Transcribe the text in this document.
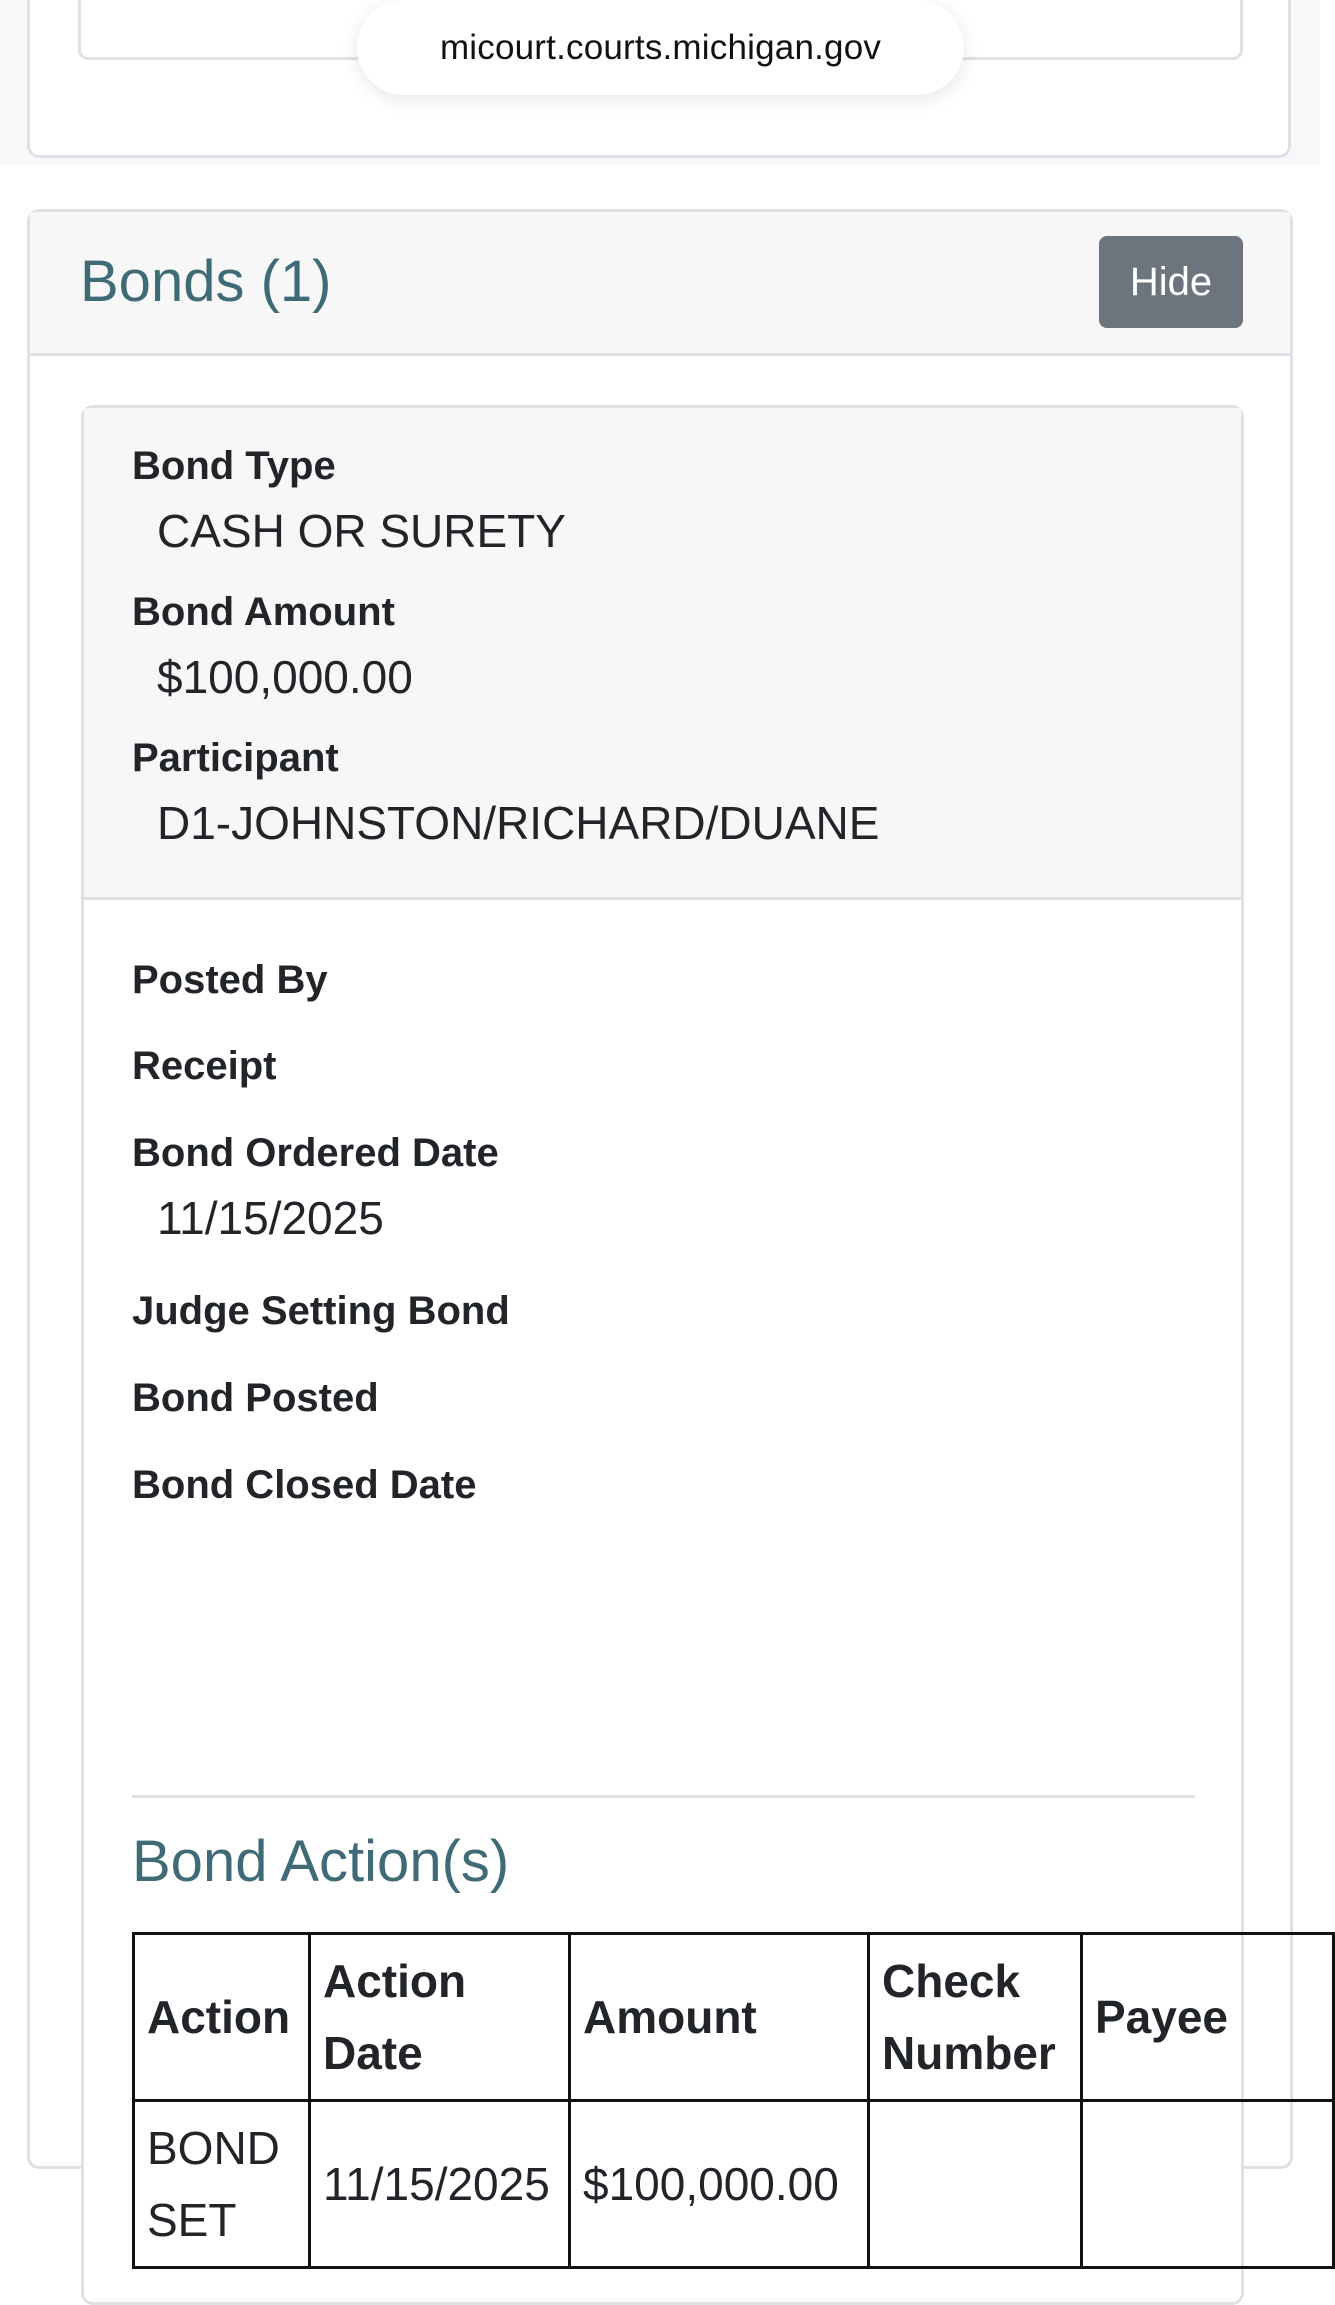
micourt.courts.michigan.gov
Bonds (1)	Hide
Bond Type
CASH OR SURETY
Bond Amount
$100,000.00
Participant
D1-JOHNSTON/RICHARD/DUANE
Posted By
Receipt
Bond Ordered Date
11/15/2025
Judge Setting Bond
Bond Posted
Bond Closed Date
Bond Action(s)
Action	Action Date	Amount	Check Number	Payee
BOND SET	11/15/2025	$100,000.00		
